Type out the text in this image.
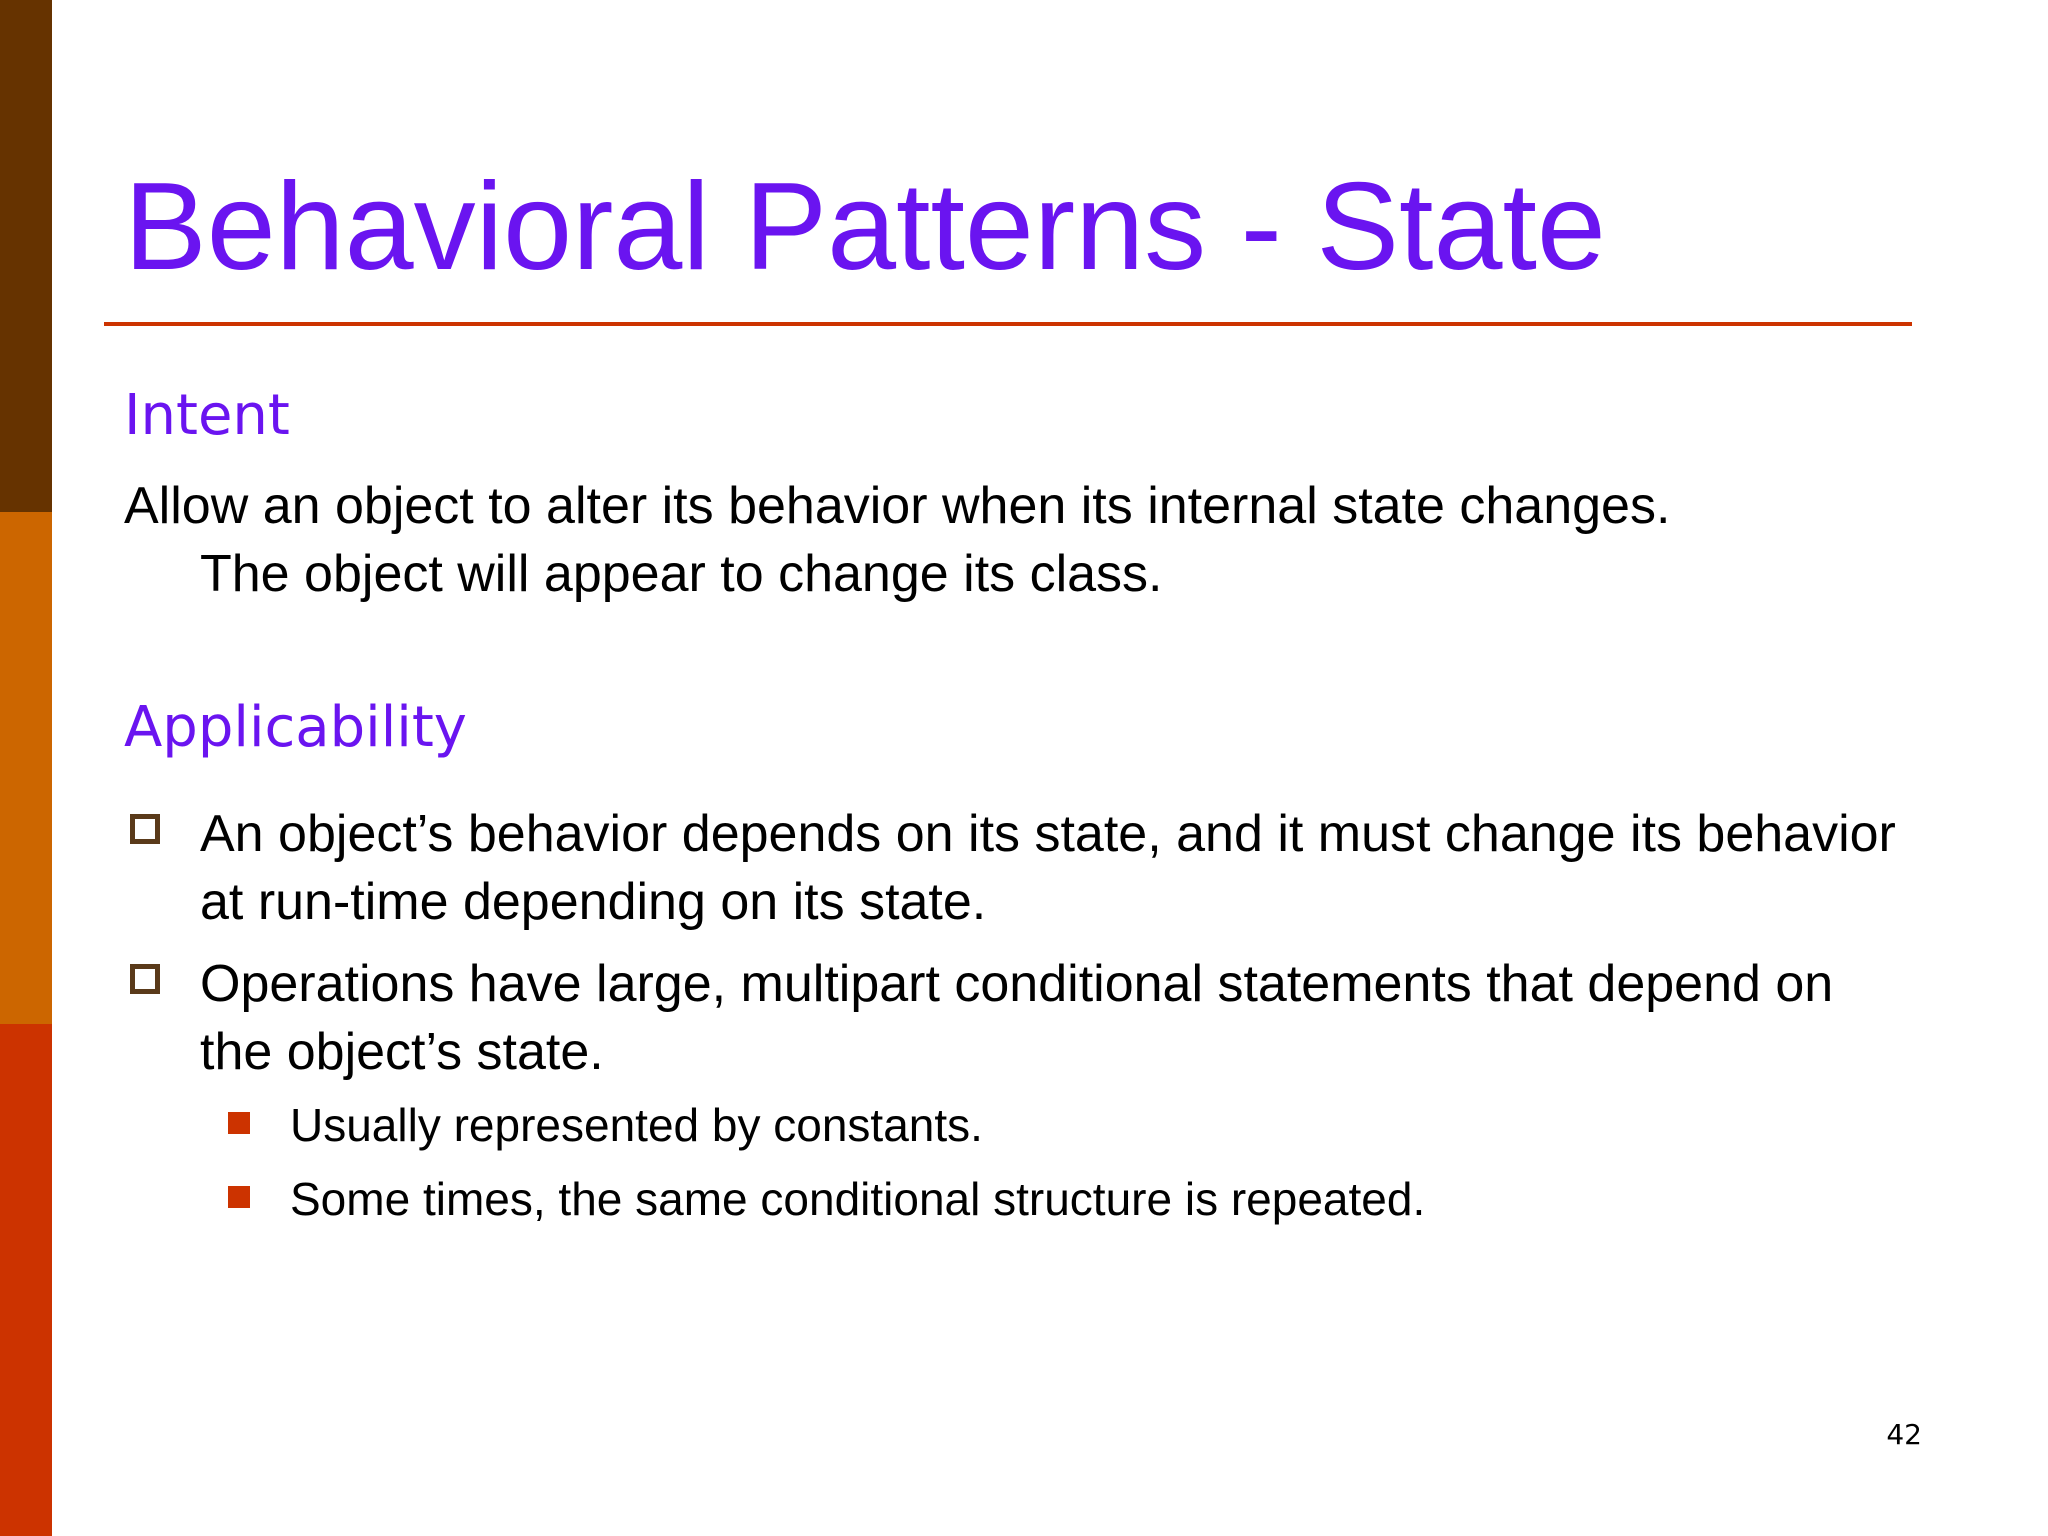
Behavioral Patterns - State
Intent
Allow an object to alter its behavior when its internal state changes.
The object will appear to change its class.
Applicability
An object’s behavior depends on its state, and it must change its behavior at run-time depending on its state.
Operations have large, multipart conditional statements that depend on the object’s state.
Usually represented by constants.
Some times, the same conditional structure is repeated.
42
